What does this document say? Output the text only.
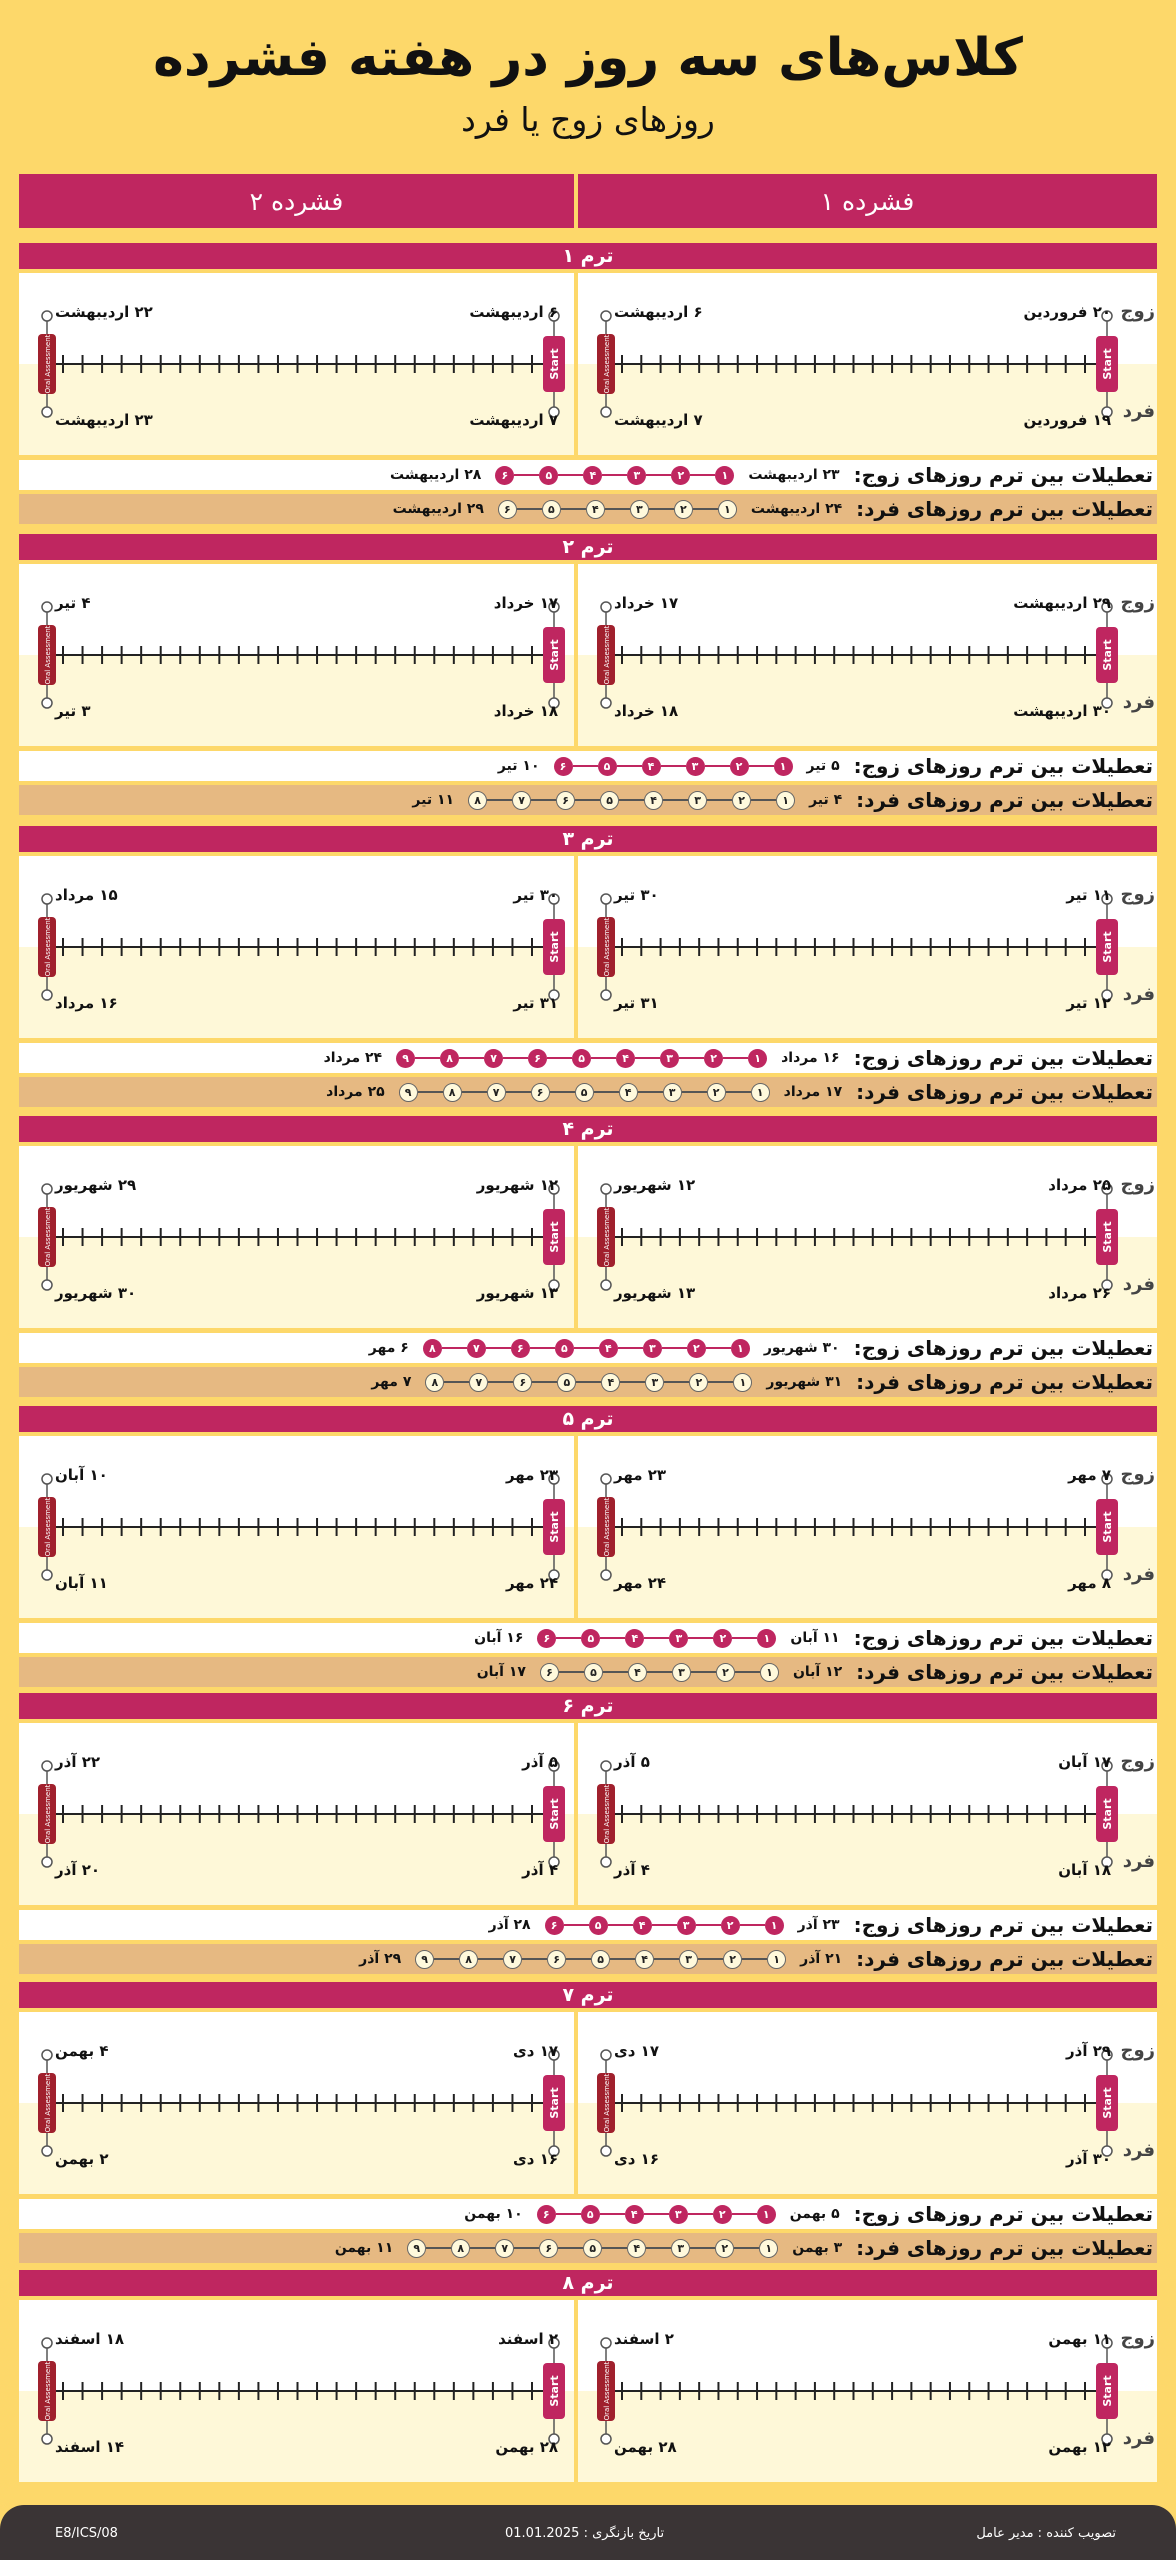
کلاس‌های سه روز در هفته فشرده
روزهای زوج یا فرد
فشرده ۱
فشرده ۲
ترم ۱
Start
Oral Assessment
۲۰ فروردین
۱۹ فروردین
۶ اردیبهشت
۷ اردیبهشت
زوج
فرد
Start
Oral Assessment
۶ اردیبهشت
۷ اردیبهشت
۲۲ اردیبهشت
۲۳ اردیبهشت
تعطیلات بین ترم روزهای زوج:
۲۳ اردیبهشت
۱
۲
۳
۴
۵
۶
۲۸ اردیبهشت
تعطیلات بین ترم روزهای فرد:
۲۴ اردیبهشت
۱
۲
۳
۴
۵
۶
۲۹ اردیبهشت
ترم ۲
Start
Oral Assessment
۲۹ اردیبهشت
۳۰ اردیبهشت
۱۷ خرداد
۱۸ خرداد
زوج
فرد
Start
Oral Assessment
۱۷ خرداد
۱۸ خرداد
۴ تیر
۳ تیر
تعطیلات بین ترم روزهای زوج:
۵ تیر
۱
۲
۳
۴
۵
۶
۱۰ تیر
تعطیلات بین ترم روزهای فرد:
۴ تیر
۱
۲
۳
۴
۵
۶
۷
۸
۱۱ تیر
ترم ۳
Start
Oral Assessment
۱۱ تیر
۱۲ تیر
۳۰ تیر
۳۱ تیر
زوج
فرد
Start
Oral Assessment
۳۰ تیر
۳۱ تیر
۱۵ مرداد
۱۶ مرداد
تعطیلات بین ترم روزهای زوج:
۱۶ مرداد
۱
۲
۳
۴
۵
۶
۷
۸
۹
۲۴ مرداد
تعطیلات بین ترم روزهای فرد:
۱۷ مرداد
۱
۲
۳
۴
۵
۶
۷
۸
۹
۲۵ مرداد
ترم ۴
Start
Oral Assessment
۲۵ مرداد
۲۶ مرداد
۱۲ شهریور
۱۳ شهریور
زوج
فرد
Start
Oral Assessment
۱۲ شهریور
۱۳ شهریور
۲۹ شهریور
۳۰ شهریور
تعطیلات بین ترم روزهای زوج:
۳۰ شهریور
۱
۲
۳
۴
۵
۶
۷
۸
۶ مهر
تعطیلات بین ترم روزهای فرد:
۳۱ شهریور
۱
۲
۳
۴
۵
۶
۷
۸
۷ مهر
ترم ۵
Start
Oral Assessment
۷ مهر
۸ مهر
۲۳ مهر
۲۴ مهر
زوج
فرد
Start
Oral Assessment
۲۳ مهر
۲۴ مهر
۱۰ آبان
۱۱ آبان
تعطیلات بین ترم روزهای زوج:
۱۱ آبان
۱
۲
۳
۴
۵
۶
۱۶ آبان
تعطیلات بین ترم روزهای فرد:
۱۲ آبان
۱
۲
۳
۴
۵
۶
۱۷ آبان
ترم ۶
Start
Oral Assessment
۱۷ آبان
۱۸ آبان
۵ آذر
۴ آذر
زوج
فرد
Start
Oral Assessment
۵ آذر
۴ آذر
۲۲ آذر
۲۰ آذر
تعطیلات بین ترم روزهای زوج:
۲۳ آذر
۱
۲
۳
۴
۵
۶
۲۸ آذر
تعطیلات بین ترم روزهای فرد:
۲۱ آذر
۱
۲
۳
۴
۵
۶
۷
۸
۹
۲۹ آذر
ترم ۷
Start
Oral Assessment
۲۹ آذر
۳۰ آذر
۱۷ دی
۱۶ دی
زوج
فرد
Start
Oral Assessment
۱۷ دی
۱۶ دی
۴ بهمن
۲ بهمن
تعطیلات بین ترم روزهای زوج:
۵ بهمن
۱
۲
۳
۴
۵
۶
۱۰ بهمن
تعطیلات بین ترم روزهای فرد:
۳ بهمن
۱
۲
۳
۴
۵
۶
۷
۸
۹
۱۱ بهمن
ترم ۸
Start
Oral Assessment
۱۱ بهمن
۱۲ بهمن
۲ اسفند
۲۸ بهمن
زوج
فرد
Start
Oral Assessment
۲ اسفند
۲۸ بهمن
۱۸ اسفند
۱۴ اسفند
تصویب کننده : مدیر عامل
تاریخ بازنگری : 01.01.2025
E8/ICS/08
